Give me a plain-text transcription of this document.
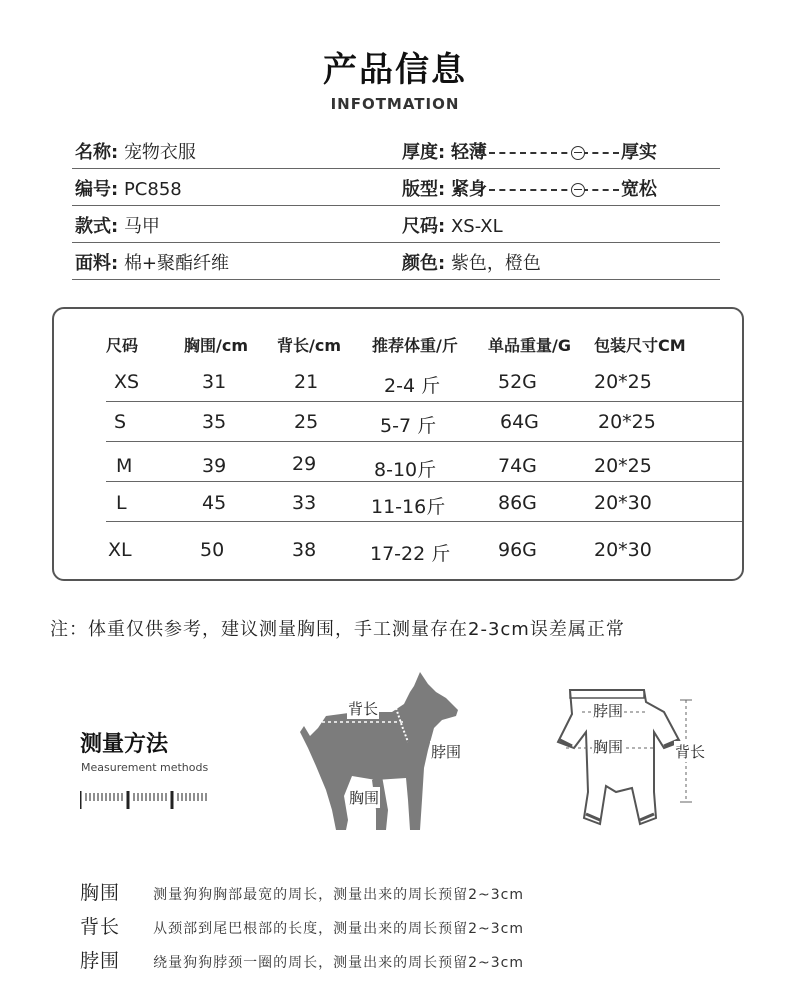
产品信息
INFOTMATION
名称: 宠物衣服	厚度: 轻薄	厚实
编号: PC858	版型: 紧身	宽松
款式: 马甲	尺码: XS-XL
面料: 棉+聚酯纤维	颜色: 紫色，橙色
尺码	胸围/cm 背长/cm 推荐体重/斤 单品重量/G 包装尺寸CM
XS	31	21	2-4 斤	52G	20*25
S	35	25	5-7 斤	64G	20*25
M	39	29	8-10斤	74G	20*25
L	45	33	11-16斤	86G	20*30
XL	50	38	17-22 斤	96G	20*30
注：体重仅供参考，建议测量胸围，手工测量存在2-3cm误差属正常
测量方法
Measurement methods
背长
脖围
胸围
脖围
胸围	背长
胸围 测量狗狗胸部最宽的周长，测量出来的周长预留2~3cm
背长 从颈部到尾巴根部的长度，测量出来的周长预留2~3cm
脖围 绕量狗狗脖颈一圈的周长，测量出来的周长预留2~3cm
